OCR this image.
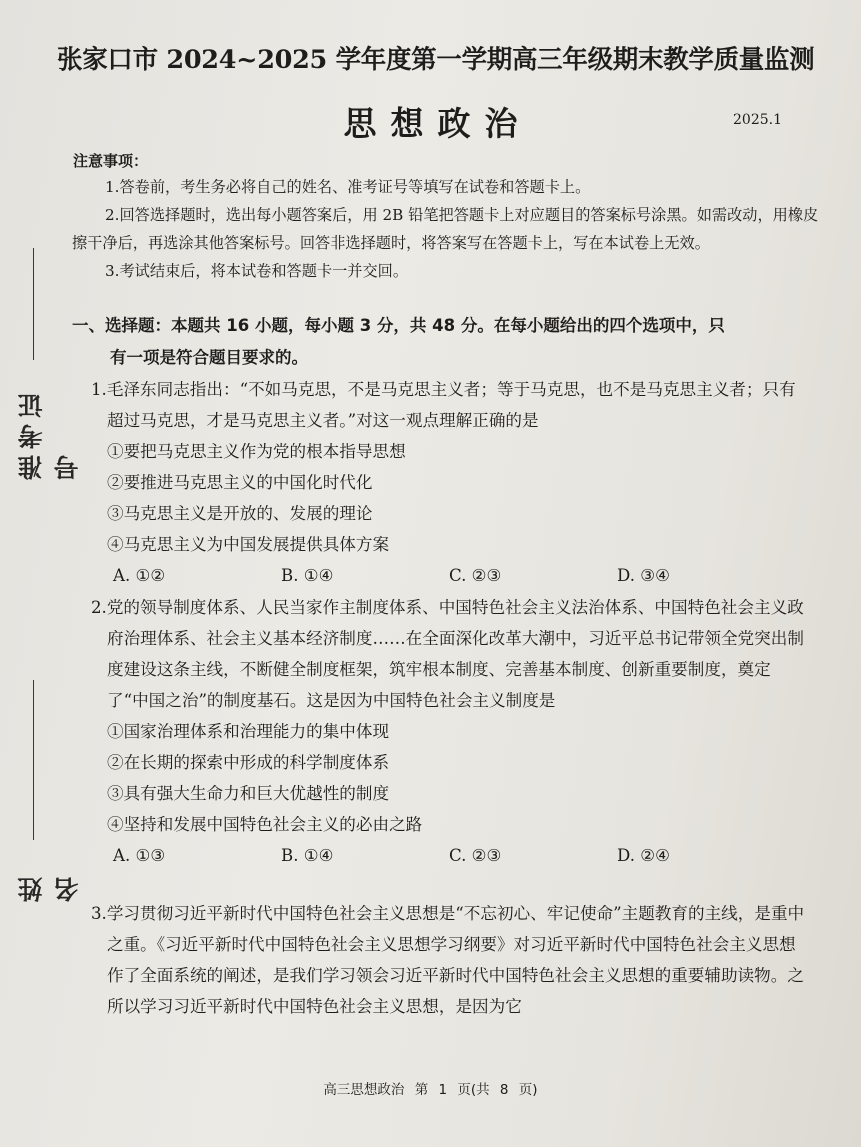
准考证号
姓名
张家口市 2024~2025 学年度第一学期高三年级期末教学质量监测
思想政治	2025.1
注意事项：
1.答卷前，考生务必将自己的姓名、准考证号等填写在试卷和答题卡上。
2.回答选择题时，选出每小题答案后，用 2B 铅笔把答题卡上对应题目的答案标号涂黑。如需改动，用橡皮擦干净后，再选涂其他答案标号。回答非选择题时，将答案写在答题卡上，写在本试卷上无效。
3.考试结束后，将本试卷和答题卡一并交回。
一、选择题：本题共 16 小题，每小题 3 分，共 48 分。在每小题给出的四个选项中，只
有一项是符合题目要求的。
1.毛泽东同志指出：“不如马克思，不是马克思主义者；等于马克思，也不是马克思主义者；只有超过马克思，才是马克思主义者。”对这一观点理解正确的是
①要把马克思主义作为党的根本指导思想
②要推进马克思主义的中国化时代化
③马克思主义是开放的、发展的理论
④马克思主义为中国发展提供具体方案
A. ①②	B. ①④	C. ②③	D. ③④
2.党的领导制度体系、人民当家作主制度体系、中国特色社会主义法治体系、中国特色社会主义政府治理体系、社会主义基本经济制度……在全面深化改革大潮中，习近平总书记带领全党突出制度建设这条主线，不断健全制度框架，筑牢根本制度、完善基本制度、创新重要制度，奠定了“中国之治”的制度基石。这是因为中国特色社会主义制度是
①国家治理体系和治理能力的集中体现
②在长期的探索中形成的科学制度体系
③具有强大生命力和巨大优越性的制度
④坚持和发展中国特色社会主义的必由之路
A. ①③	B. ①④	C. ②③	D. ②④
3.学习贯彻习近平新时代中国特色社会主义思想是“不忘初心、牢记使命”主题教育的主线，是重中之重。《习近平新时代中国特色社会主义思想学习纲要》对习近平新时代中国特色社会主义思想作了全面系统的阐述，是我们学习领会习近平新时代中国特色社会主义思想的重要辅助读物。之所以学习习近平新时代中国特色社会主义思想，是因为它
高三思想政治 第 1 页(共 8 页)
